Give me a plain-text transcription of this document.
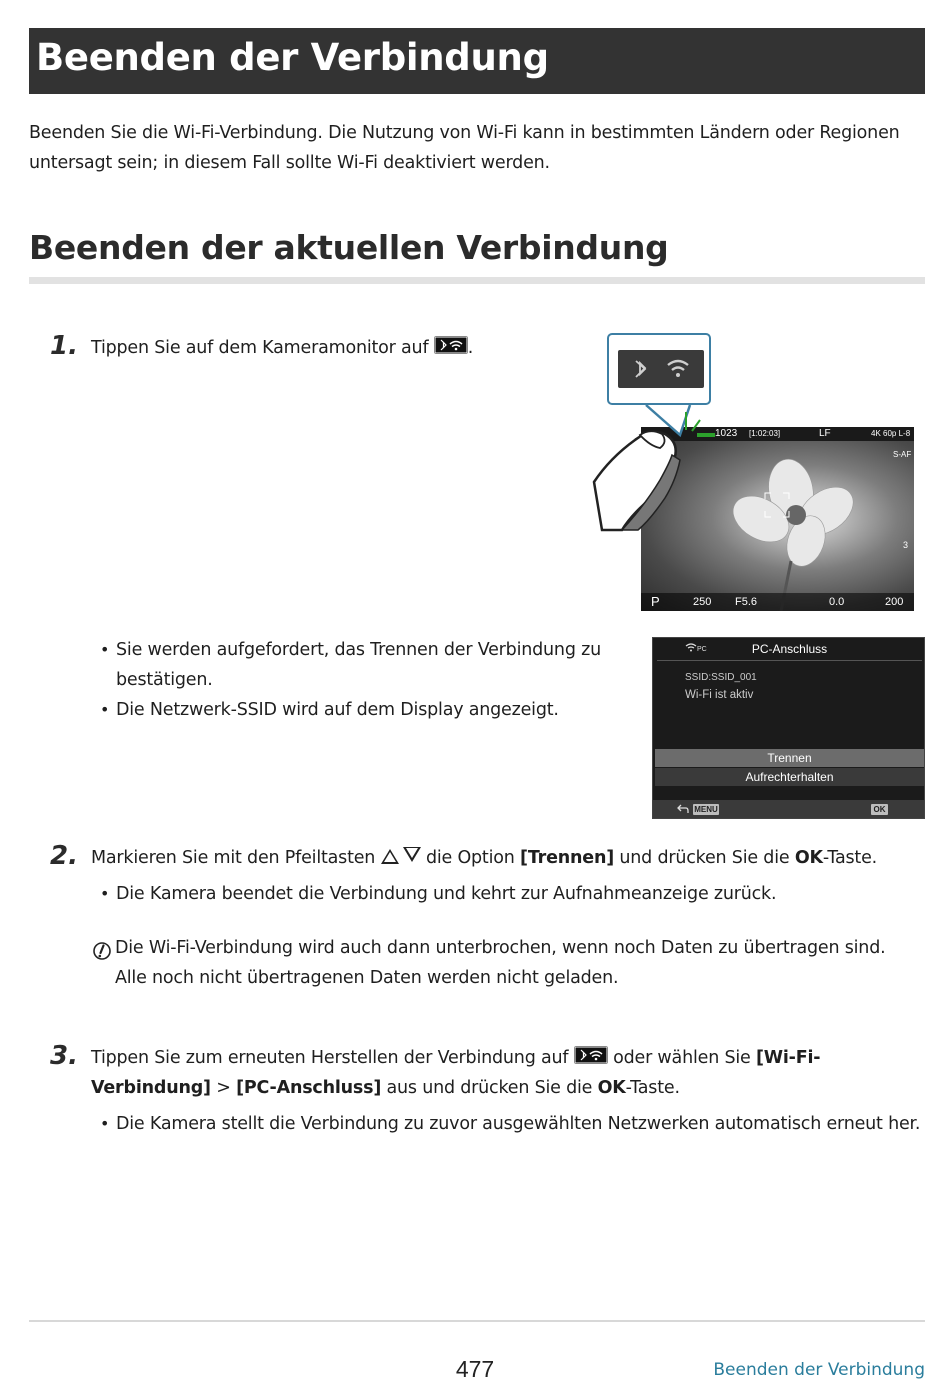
Beenden der Verbindung

Beenden Sie die Wi-Fi-Verbindung. Die Nutzung von Wi-Fi kann in bestimmten Ländern oder Regionen untersagt sein; in diesem Fall sollte Wi-Fi deaktiviert werden.

Beenden der aktuellen Verbindung
1. Tippen Sie auf dem Kameramonitor auf .
1023 [1:02:03]	LF	4K 60p L-8
S-AF
3
P	250 F5.6	0.0	200
• Sie werden aufgefordert, das Trennen der Verbindung zu bestätigen.
• Die Netzwerk-SSID wird auf dem Display angezeigt.
PC	PC-Anschluss
SSID:SSID_001
Wi-Fi ist aktiv
Trennen
Aufrechterhalten
MENU	OK
2. Markieren Sie mit den Pfeiltasten	die Option [Trennen] und drücken Sie die OK-Taste.
• Die Kamera beendet die Verbindung und kehrt zur Aufnahmeanzeige zurück.
Die Wi-Fi-Verbindung wird auch dann unterbrochen, wenn noch Daten zu übertragen sind.
Alle noch nicht übertragenen Daten werden nicht geladen.
3. Tippen Sie zum erneuten Herstellen der Verbindung auf	oder wählen Sie [Wi-Fi-
Verbindung] > [PC-Anschluss] aus und drücken Sie die OK-Taste.
• Die Kamera stellt die Verbindung zu zuvor ausgewählten Netzwerken automatisch erneut her.
477	Beenden der Verbindung
